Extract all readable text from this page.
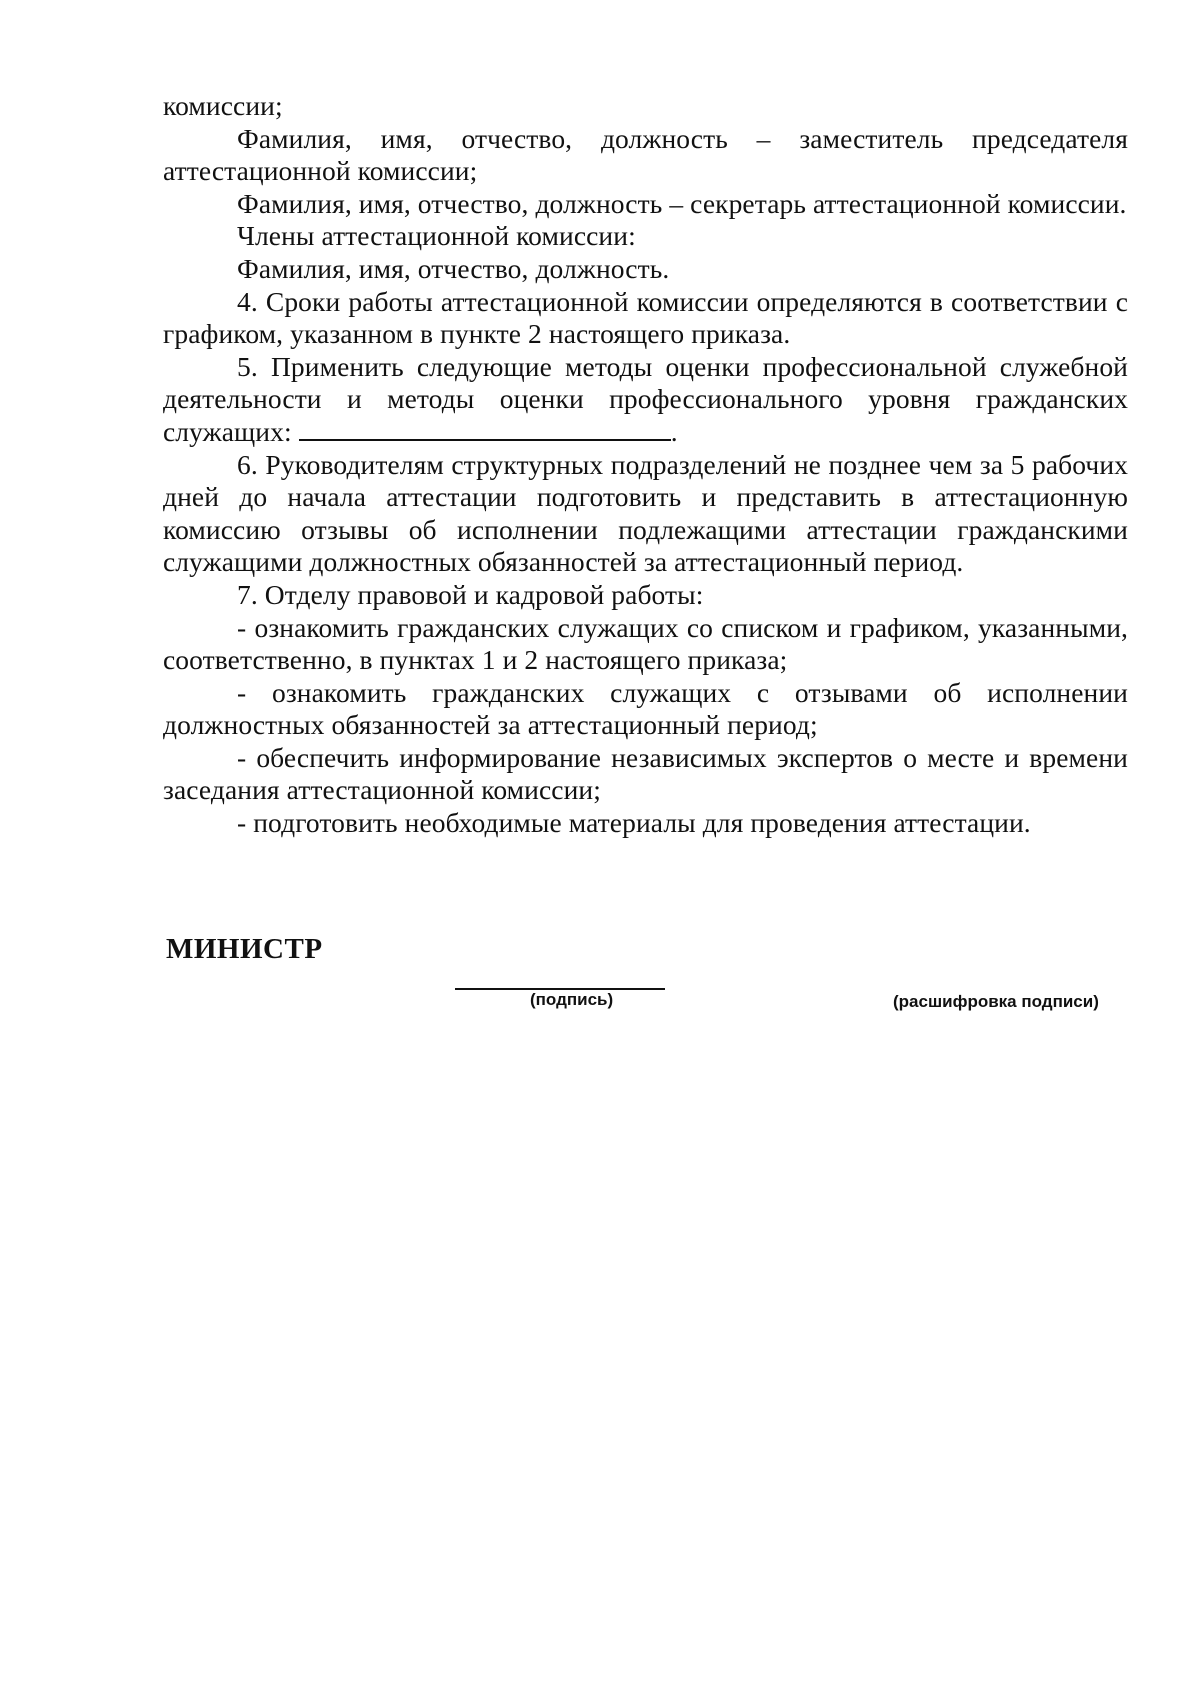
комиссии;

Фамилия, имя, отчество, должность – заместитель председателя аттестационной комиссии;

Фамилия, имя, отчество, должность – секретарь аттестационной комиссии.

Члены аттестационной комиссии:

Фамилия, имя, отчество, должность.

4. Сроки работы аттестационной комиссии определяются в соответствии с графиком, указанном в пункте 2 настоящего приказа.

5. Применить следующие методы оценки профессиональной служебной деятельности и методы оценки профессионального уровня гражданских служащих:	.

6. Руководителям структурных подразделений не позднее чем за 5 рабочих дней до начала аттестации подготовить и представить в аттестационную комиссию отзывы об исполнении подлежащими аттестации гражданскими служащими должностных обязанностей за аттестационный период.

7. Отделу правовой и кадровой работы:

- ознакомить гражданских служащих со списком и графиком, указанными, соответственно, в пунктах 1 и 2 настоящего приказа;

- ознакомить гражданских служащих с отзывами об исполнении должностных обязанностей за аттестационный период;

- обеспечить информирование независимых экспертов о месте и времени заседания аттестационной комиссии;

- подготовить необходимые материалы для проведения аттестации.

МИНИСТР
(подпись)	(расшифровка подписи)
